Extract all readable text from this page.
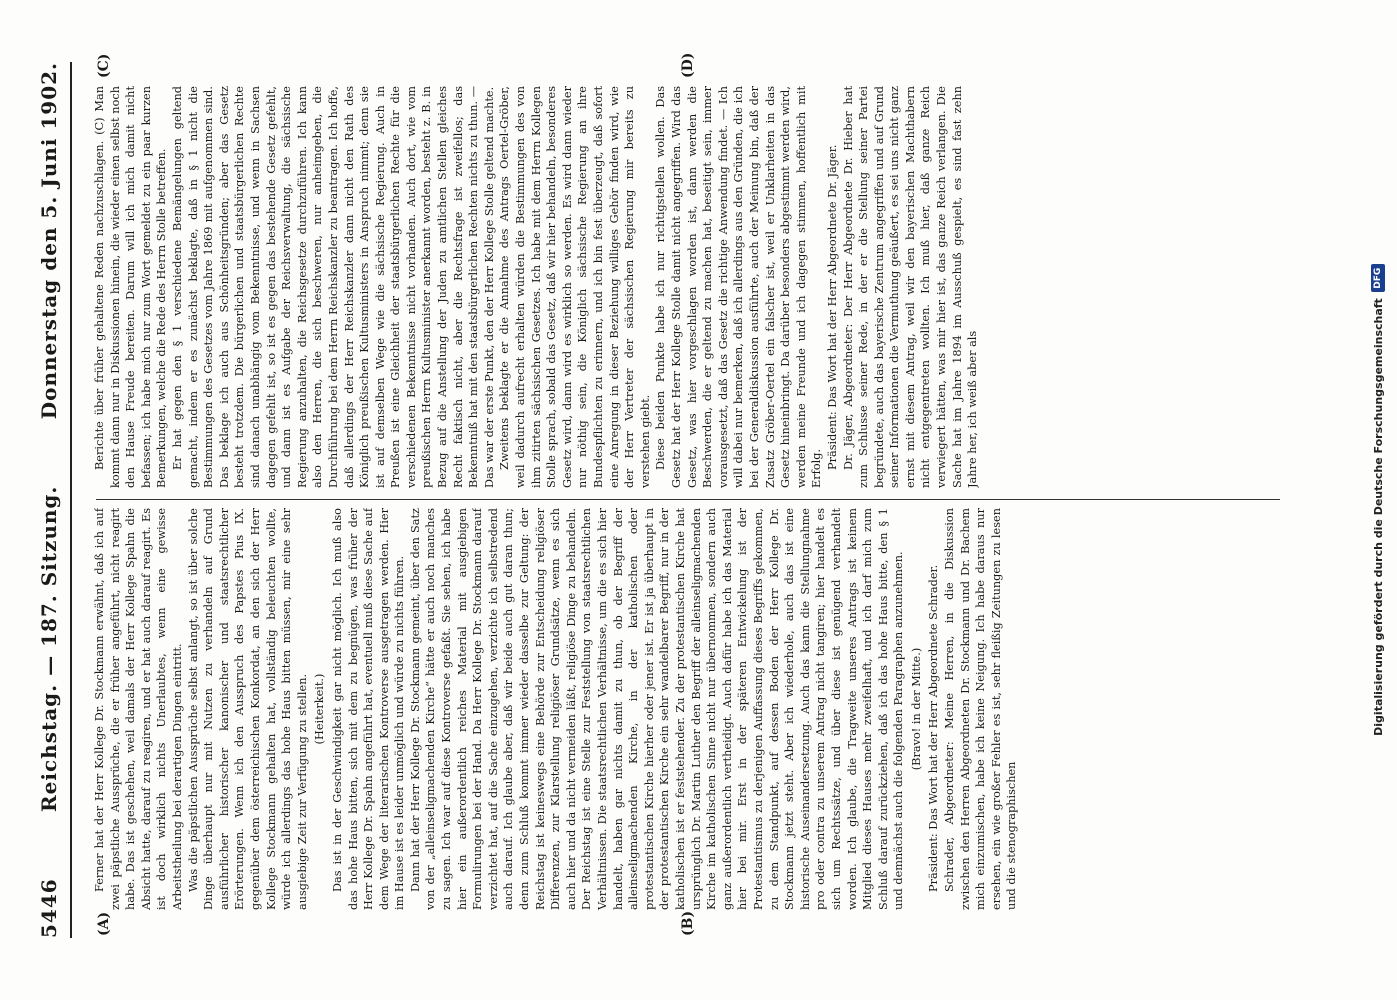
5446
Reichstag. — 187. Sitzung.
Donnerstag den 5. Juni 1902.
(A)	(B)
(C)	(D)

Ferner hat der Herr Kollege Dr. Stockmann erwähnt, daß ich auf zwei päpstliche Aussprüche, die er früher angeführt, nicht reagirt habe. Das ist geschehen, weil damals der Herr Kollege Spahn die Absicht hatte, darauf zu reagiren, und er hat auch darauf reagirt. Es ist doch wirklich nichts Unerlaubtes, wenn eine gewisse Arbeitstheilung bei derartigen Dingen eintritt. Was die päpstlichen Aussprüche selbst anlangt, so ist über solche Dinge überhaupt nur mit Nutzen zu verhandeln auf Grund ausführlicher historischer kanonischer und staatsrechtlicher Erörterungen. Wenn ich den Ausspruch des Papstes Pius IX. gegenüber dem österreichischen Konkordat, an den sich der Herr Kollege Stockmann gehalten hat, vollständig beleuchten wollte, würde ich allerdings das hohe Haus bitten müssen, mir eine sehr ausgiebige Zeit zur Verfügung zu stellen. (Heiterkeit.) Das ist in der Geschwindigkeit gar nicht möglich. Ich muß also das hohe Haus bitten, sich mit dem zu begnügen, was früher der Herr Kollege Dr. Spahn angeführt hat, eventuell muß diese Sache auf dem Wege der literarischen Kontroverse ausgetragen werden. Hier im Hause ist es leider unmöglich und würde zu nichts führen. Dann hat der Herr Kollege Dr. Stockmann gemeint, über den Satz von der „alleinseligmachenden Kirche“ hätte er auch noch manches zu sagen. Ich war auf diese Kontroverse gefaßt. Sie sehen, ich habe hier ein außerordentlich reiches Material mit ausgiebigen Formulirungen bei der Hand. Da Herr Kollege Dr. Stockmann darauf verzichtet hat, auf die Sache einzugehen, verzichte ich selbstredend auch darauf. Ich glaube aber, daß wir beide auch gut daran thun; denn zum Schluß kommt immer wieder dasselbe zur Geltung: der Reichstag ist keineswegs eine Behörde zur Entscheidung religiöser Differenzen, zur Klarstellung religiöser Grundsätze, wenn es sich auch hier und da nicht vermeiden läßt, religiöse Dinge zu behandeln. Der Reichstag ist eine Stelle zur Feststellung von staatsrechtlichen Verhältnissen. Die staatsrechtlichen Verhältnisse, um die es sich hier handelt, haben gar nichts damit zu thun, ob der Begriff der alleinseligmachenden Kirche, in der katholischen oder protestantischen Kirche hierher oder jener ist. Er ist ja überhaupt in der protestantischen Kirche ein sehr wandelbarer Begriff, nur in der katholischen ist er feststehender. Zu der protestantischen Kirche hat ursprünglich Dr. Martin Luther den Begriff der alleinseligmachenden Kirche im katholischen Sinne nicht nur übernommen, sondern auch ganz außerordentlich vertheidigt. Auch dafür habe ich das Material hier bei mir. Erst in der späteren Entwickelung ist der Protestantismus zu derjenigen Auffassung dieses Begriffs gekommen, zu dem Standpunkt, auf dessen Boden der Herr Kollege Dr. Stockmann jetzt steht. Aber ich wiederhole, auch das ist eine historische Auseinandersetzung. Auch das kann die Stellungnahme pro oder contra zu unserem Antrag nicht tangiren; hier handelt es sich um Rechtssätze, und über diese ist genügend verhandelt worden. Ich glaube, die Tragweite unseres Antrags ist keinem Mitglied dieses Hauses mehr zweifelhaft, und ich darf mich zum Schluß darauf zurückziehen, daß ich das hohe Haus bitte, den § 1 und demnächst auch die folgenden Paragraphen anzunehmen. (Bravo! in der Mitte.) Präsident: Das Wort hat der Herr Abgeordnete Schrader. Schrader, Abgeordneter: Meine Herren, in die Diskussion zwischen den Herren Abgeordneten Dr. Stockmann und Dr. Bachem mich einzumischen, habe ich keine Neigung. Ich habe daraus nur ersehen, ein wie großer Fehler es ist, sehr fleißig Zeitungen zu lesen und die stenographischen

Berichte über früher gehaltene Reden nachzuschlagen. (C) Man kommt dann nur in Diskussionen hinein, die wieder einen selbst noch den Hause Freude bereiten. Darum will ich mich damit nicht befassen; ich habe mich nur zum Wort gemeldet zu ein paar kurzen Bemerkungen, welche die Rede des Herrn Stolle betreffen. Er hat gegen den § 1 verschiedene Bemängelungen geltend gemacht, indem er es zunächst beklagte, daß in § 1 nicht die Bestimmungen des Gesetzes vom Jahre 1869 mit aufgenommen sind. Das beklage ich auch aus Schönheitsgründen; aber das Gesetz besteht trotzdem. Die bürgerlichen und staatsbürgerlichen Rechte sind danach unabhängig vom Bekenntnisse, und wenn in Sachsen dagegen gefehlt ist, so ist es gegen das bestehende Gesetz gefehlt, und dann ist es Aufgabe der Reichsverwaltung, die sächsische Regierung anzuhalten, die Reichsgesetze durchzuführen. Ich kann also den Herren, die sich beschweren, nur anheimgeben, die Durchführung bei dem Herrn Reichskanzler zu beantragen. Ich hoffe, daß allerdings der Herr Reichskanzler dann nicht den Rath des Königlich preußischen Kultusministers in Anspruch nimmt; denn sie ist auf demselben Wege wie die sächsische Regierung. Auch in Preußen ist eine Gleichheit der staatsbürgerlichen Rechte für die verschiedenen Bekenntnisse nicht vorhanden. Auch dort, wie vom preußischen Herrn Kultusminister anerkannt worden, besteht z. B. in Bezug auf die Anstellung der Juden zu amtlichen Stellen gleiches Recht faktisch nicht, aber die Rechtsfrage ist zweifellos; das Bekenntniß hat mit den staatsbürgerlichen Rechten nichts zu thun. — Das war der erste Punkt, den der Herr Kollege Stolle geltend machte. Zweitens beklagte er die Annahme des Antrags Oertel-Gröber, weil dadurch aufrecht erhalten würden die Bestimmungen des von ihm zitirten sächsischen Gesetzes. Ich habe mit dem Herrn Kollegen Stolle sprach, sobald das Gesetz, daß wir hier behandeln, besonderes Gesetz wird, dann wird es wirklich so werden. Es wird dann wieder nur nöthig sein, die Königlich sächsische Regierung an ihre Bundespflichten zu erinnern, und ich bin fest überzeugt, daß sofort eine Anregung in dieser Beziehung williges Gehör finden wird, wie der Herr Vertreter der sächsischen Regierung mir bereits zu verstehen giebt. Diese beiden Punkte habe ich nur richtigstellen wollen. Das Gesetz hat der Herr Kollege Stolle damit nicht angegriffen. Wird das Gesetz, was hier vorgeschlagen worden ist, dann werden die Beschwerden, die er geltend zu machen hat, beseitigt sein, immer vorausgesetzt, daß das Gesetz die richtige Anwendung findet. — Ich will dabei nur bemerken, daß ich allerdings aus den Gründen, die ich bei der Generaldiskussion ausführte, auch der Meinung bin, daß der Zusatz Gröber-Oertel ein falscher ist, weil er Unklarheiten in das Gesetz hineinbringt. Da darüber besonders abgestimmt werden wird, werden meine Freunde und ich dagegen stimmen, hoffentlich mit Erfolg. Präsident: Das Wort hat der Herr Abgeordnete Dr. Jäger. Dr. Jäger, Abgeordneter: Der Herr Abgeordnete Dr. Hieber hat zum Schlusse seiner Rede, in der er die Stellung seiner Partei begründete, auch das bayerische Zentrum angegriffen und auf Grund seiner Informationen die Vermuthung geäußert, es sei uns nicht ganz ernst mit diesem Antrag, weil wir den bayerischen Machthabern nicht entgegentreten wollten. Ich muß hier, daß ganze Reich verwiegert hätten, was mir hier ist, das ganze Reich verlangen. Die Sache hat im Jahre 1894 im Ausschuß gespielt, es sind fast zehn Jahre her, ich weiß aber als	Digitalisierung gefördert durch die Deutsche Forschungsgemeinschaft
DFG
